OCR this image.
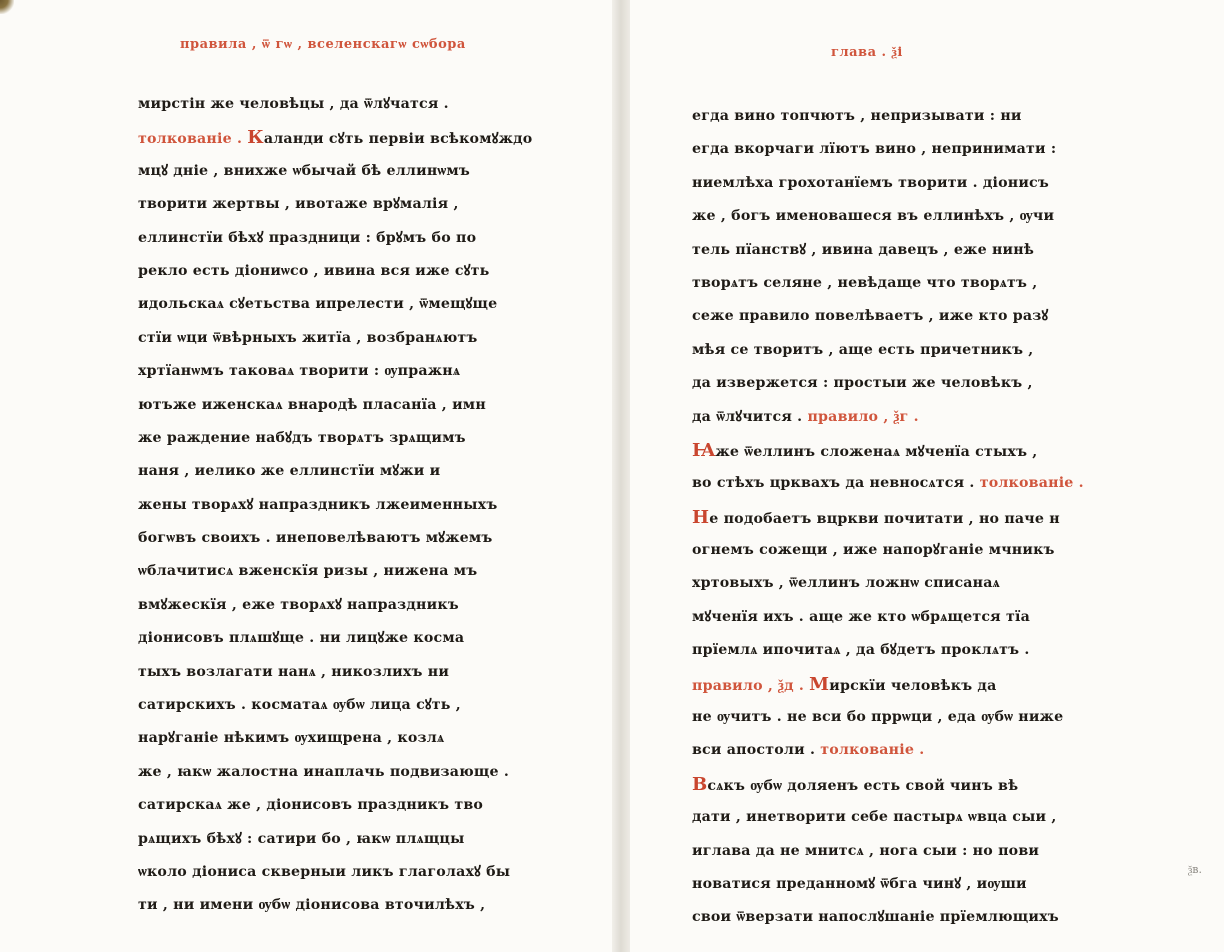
правила , ѿ гѡ , вселенскагѡ сѡбора
мирстін же человѣцы , да ѿлꙋчатся .
толкованіе . Каланди сꙋть первіи всѣкомꙋждо
мцꙋ дніе , внихже ѡбычай бѣ еллинѡмъ
творити жертвы , ивотаже врꙋмалія ,
еллинстїи бѣхꙋ праздници : брꙋмъ бо по
рекло есть діониѡсо , ивина вся иже сꙋть
идольскаѧ сꙋетьства ипрелести , ѿмещꙋще
стїи ѡци ѿвѣрныхъ житїа , возбранѧютъ
хртїанѡмъ таковаѧ творити : ѹпражнѧ
ютъже иженскаѧ внародѣ пласанїа , имн
же раждение набꙋдъ творѧтъ зрѧщимъ
наня , иелико же еллинстїи мꙋжи и
жены творѧхꙋ напраздникъ лжеименныхъ
богѡвъ своихъ . инеповелѣваютъ мꙋжемъ
ѡблачитисѧ вженскїя ризы , нижена мъ
вмꙋжескїя , еже творѧхꙋ напраздникъ
діонисовъ плѧшꙋще . ни лицꙋже косма
тыхъ возлагати нанѧ , никозлихъ ни
сатирскихъ . косматаѧ ѹбѡ лица сꙋть ,
нарꙋганіе нѣкимъ ѹхищрена , козлѧ
же , ꙗкѡ жалостна инаплачь подвизающе .
сатирскаѧ же , діонисовъ праздникъ тво
рѧщихъ бѣхꙋ : сатири бо , ꙗкѡ плѧщцы
ѡколо діониса скверныи ликъ глаголахꙋ бы
ти , ни имени ѹбѡ діонисова вточилѣхъ ,
глава . ѯі
егда вино топчютъ , непризывати : ни
егда вкорчаги лїютъ вино , непринимати :
ниемлѣха грохотанїемъ творити . діонисъ
же , богъ именовашеся въ еллинѣхъ , ѹчи
тель пїанствꙋ , ивина давецъ , еже нинѣ
творѧтъ селяне , невѣдаще что творѧтъ ,
сеже правило повелѣваетъ , иже кто разꙋ
мѣя се творитъ , аще есть причетникъ ,
да извержется : простыи же человѣкъ ,
да ѿлꙋчится . правило , ѯг .
Ꙗже ѿеллинъ сложенаѧ мꙋченїа стыхъ ,
во стѣхъ црквахъ да невносѧтся . толкованіе .
Не подобаетъ вцркви почитати , но паче н
огнемъ сожещи , иже напорꙋганіе мчникъ
хртовыхъ , ѿеллинъ ложнѡ списанаѧ
мꙋченїя ихъ . аще же кто ѡбрѧщется тїа
прїемлѧ ипочитаѧ , да бꙋдетъ проклѧтъ .
правило , ѯд . Мирскїи человѣкъ да
не ѹчитъ . не вси бо пррѡци , еда ѹбѡ ниже
вси апостоли . толкованіе .
Всѧкъ ѹбѡ доляенъ есть свой чинъ вѣ
дати , инетворити себе пастырѧ ѡвца сыи ,
иглава да не мнитсѧ , нога сыи : но пови
новатися преданномꙋ ѿбга чинꙋ , иѹши
свои ѿверзати напослꙋшаніе прїемлющихъ
ѯв.
